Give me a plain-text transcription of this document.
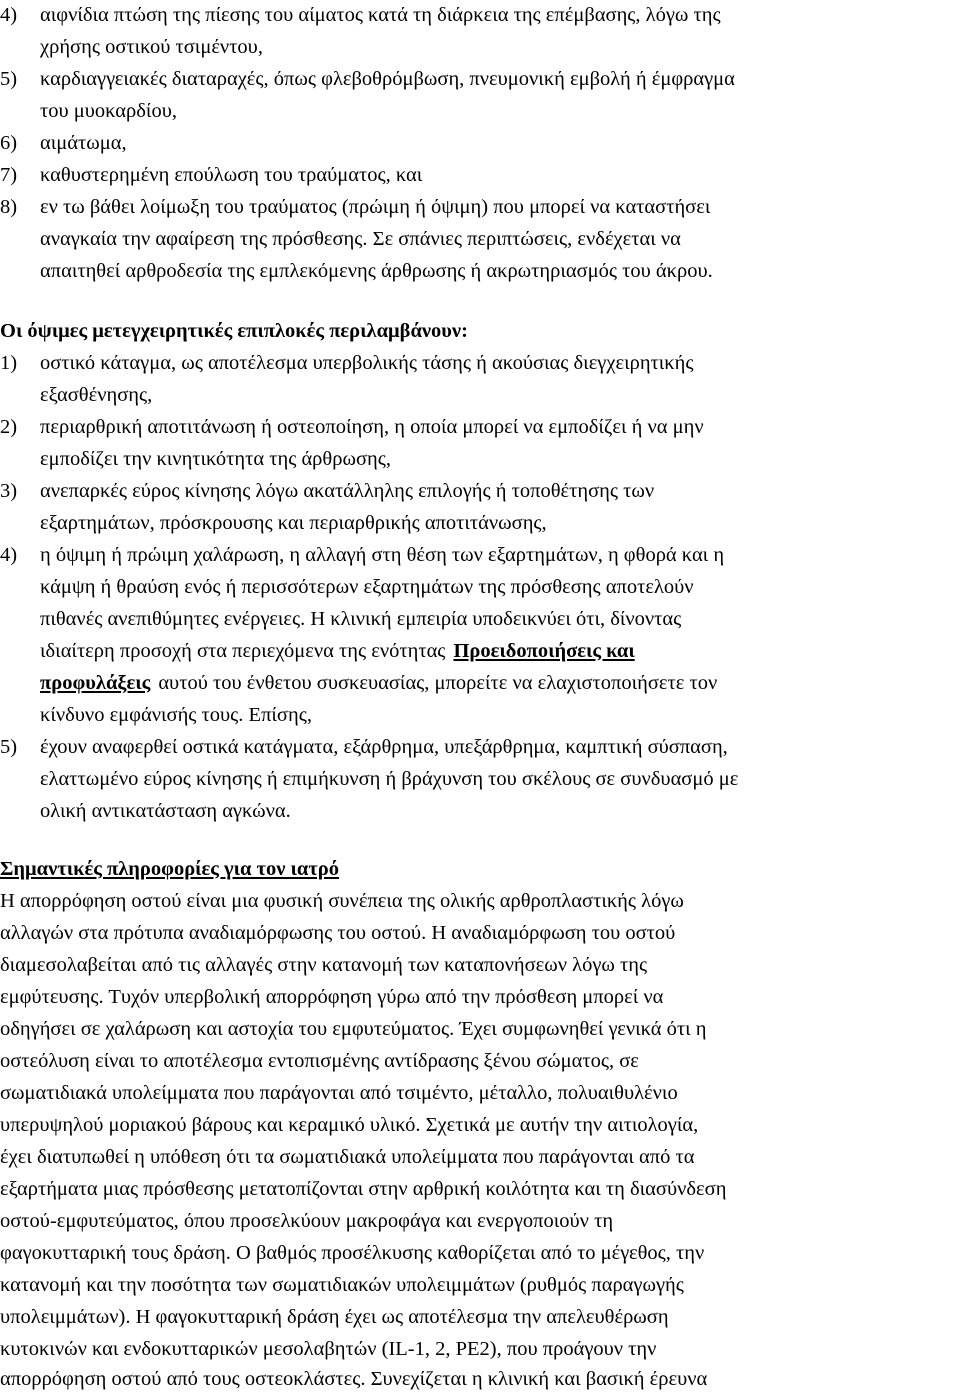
4) αιφνίδια πτώση της πίεσης του αίματος κατά τη διάρκεια της επέμβασης, λόγω της
χρήσης οστικού τσιμέντου,
5) καρδιαγγειακές διαταραχές, όπως φλεβοθρόμβωση, πνευμονική εμβολή ή έμφραγμα
του μυοκαρδίου,
6) αιμάτωμα,
7) καθυστερημένη επούλωση του τραύματος, και
8) εν τω βάθει λοίμωξη του τραύματος (πρώιμη ή όψιμη) που μπορεί να καταστήσει
αναγκαία την αφαίρεση της πρόσθεσης. Σε σπάνιες περιπτώσεις, ενδέχεται να
απαιτηθεί αρθροδεσία της εμπλεκόμενης άρθρωσης ή ακρωτηριασμός του άκρου.
Οι όψιμες μετεγχειρητικές επιπλοκές περιλαμβάνουν:
1) οστικό κάταγμα, ως αποτέλεσμα υπερβολικής τάσης ή ακούσιας διεγχειρητικής
εξασθένησης,
2) περιαρθρική αποτιτάνωση ή οστεοποίηση, η οποία μπορεί να εμποδίζει ή να μην
εμποδίζει την κινητικότητα της άρθρωσης,
3) ανεπαρκές εύρος κίνησης λόγω ακατάλληλης επιλογής ή τοποθέτησης των
εξαρτημάτων, πρόσκρουσης και περιαρθρικής αποτιτάνωσης,
4) η όψιμη ή πρώιμη χαλάρωση, η αλλαγή στη θέση των εξαρτημάτων, η φθορά και η
κάμψη ή θραύση ενός ή περισσότερων εξαρτημάτων της πρόσθεσης αποτελούν
πιθανές ανεπιθύμητες ενέργειες. Η κλινική εμπειρία υποδεικνύει ότι, δίνοντας
ιδιαίτερη προσοχή στα περιεχόμενα της ενότητας Προειδοποιήσεις και
προφυλάξεις αυτού του ένθετου συσκευασίας, μπορείτε να ελαχιστοποιήσετε τον
κίνδυνο εμφάνισής τους. Επίσης,
5) έχουν αναφερθεί οστικά κατάγματα, εξάρθρημα, υπεξάρθρημα, καμπτική σύσπαση,
ελαττωμένο εύρος κίνησης ή επιμήκυνση ή βράχυνση του σκέλους σε συνδυασμό με
ολική αντικατάσταση αγκώνα.
Σημαντικές πληροφορίες για τον ιατρό
Η απορρόφηση οστού είναι μια φυσική συνέπεια της ολικής αρθροπλαστικής λόγω
αλλαγών στα πρότυπα αναδιαμόρφωσης του οστού. Η αναδιαμόρφωση του οστού
διαμεσολαβείται από τις αλλαγές στην κατανομή των καταπονήσεων λόγω της
εμφύτευσης. Τυχόν υπερβολική απορρόφηση γύρω από την πρόσθεση μπορεί να
οδηγήσει σε χαλάρωση και αστοχία του εμφυτεύματος. Έχει συμφωνηθεί γενικά ότι η
οστεόλυση είναι το αποτέλεσμα εντοπισμένης αντίδρασης ξένου σώματος, σε
σωματιδιακά υπολείμματα που παράγονται από τσιμέντο, μέταλλο, πολυαιθυλένιο
υπερυψηλού μοριακού βάρους και κεραμικό υλικό. Σχετικά με αυτήν την αιτιολογία,
έχει διατυπωθεί η υπόθεση ότι τα σωματιδιακά υπολείμματα που παράγονται από τα
εξαρτήματα μιας πρόσθεσης μετατοπίζονται στην αρθρική κοιλότητα και τη διασύνδεση
οστού-εμφυτεύματος, όπου προσελκύουν μακροφάγα και ενεργοποιούν τη
φαγοκυτταρική τους δράση. Ο βαθμός προσέλκυσης καθορίζεται από το μέγεθος, την
κατανομή και την ποσότητα των σωματιδιακών υπολειμμάτων (ρυθμός παραγωγής
υπολειμμάτων). Η φαγοκυτταρική δράση έχει ως αποτέλεσμα την απελευθέρωση
κυτοκινών και ενδοκυτταρικών μεσολαβητών (IL-1, 2, PE2), που προάγουν την
απορρόφηση οστού από τους οστεοκλάστες. Συνεχίζεται η κλινική και βασική έρευνα
